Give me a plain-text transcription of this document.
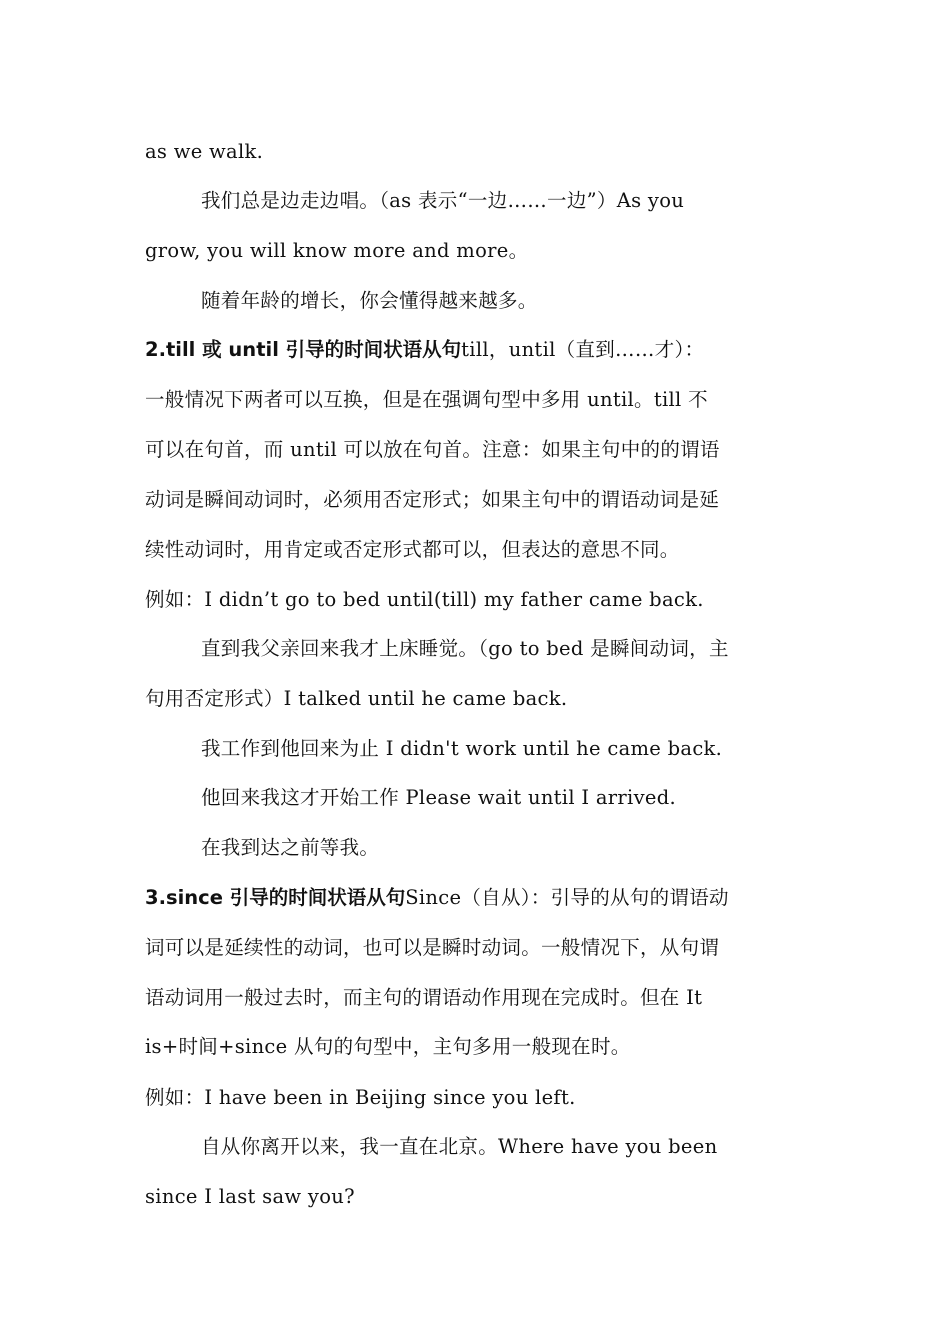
as we walk.
我们总是边走边唱。（as 表示“一边……一边”）As you
grow, you will know more and more。
随着年龄的增长，你会懂得越来越多。
2.till 或 until 引导的时间状语从句till，until（直到……才）：
一般情况下两者可以互换，但是在强调句型中多用 until。till 不
可以在句首，而 until 可以放在句首。注意：如果主句中的的谓语
动词是瞬间动词时，必须用否定形式；如果主句中的谓语动词是延
续性动词时，用肯定或否定形式都可以，但表达的意思不同。
例如：I didn’t go to bed until(till) my father came back.
直到我父亲回来我才上床睡觉。（go to bed 是瞬间动词，主
句用否定形式）I talked until he came back.
我工作到他回来为止 I didn't work until he came back.
他回来我这才开始工作 Please wait until I arrived.
在我到达之前等我。
3.since 引导的时间状语从句Since（自从）：引导的从句的谓语动
词可以是延续性的动词，也可以是瞬时动词。一般情况下，从句谓
语动词用一般过去时，而主句的谓语动作用现在完成时。但在 It
is+时间+since 从句的句型中，主句多用一般现在时。
例如：I have been in Beijing since you left.
自从你离开以来，我一直在北京。Where have you been
since I last saw you?
